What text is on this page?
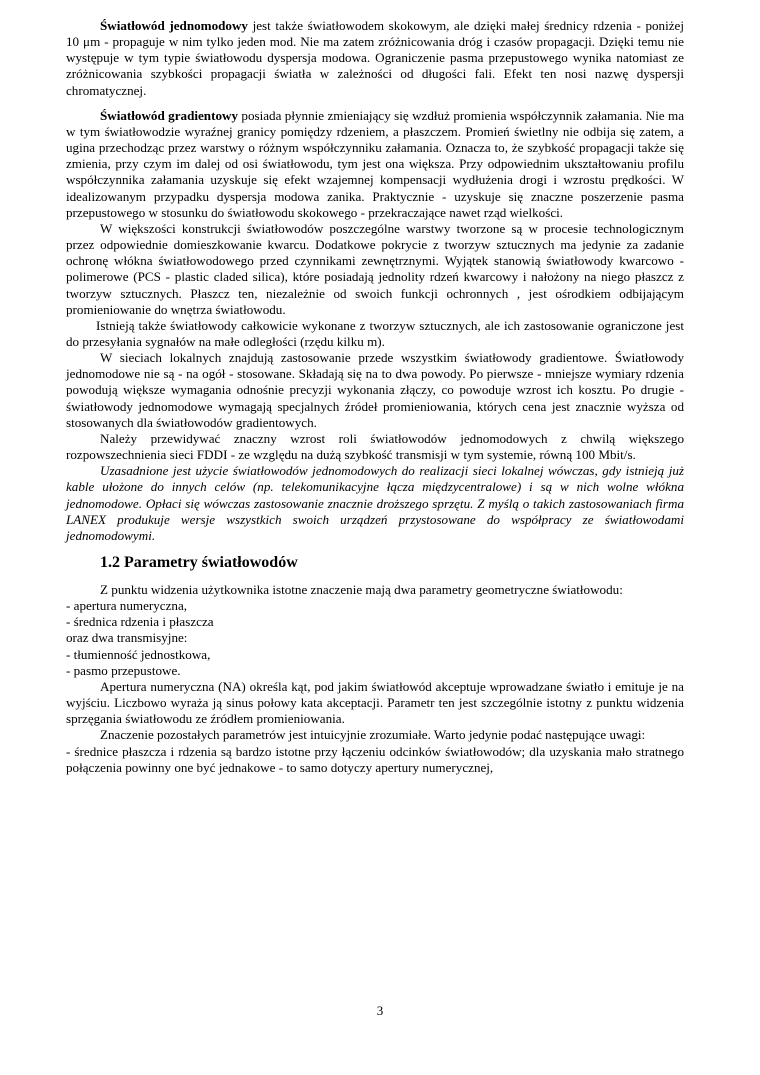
Światłowód jednomodowy jest także światłowodem skokowym, ale dzięki małej średnicy rdzenia - poniżej 10 μm - propaguje w nim tylko jeden mod. Nie ma zatem zróżnicowania dróg i czasów propagacji. Dzięki temu nie występuje w tym typie światłowodu dyspersja modowa. Ograniczenie pasma przepustowego wynika natomiast ze zróżnicowania szybkości propagacji światła w zależności od długości fali. Efekt ten nosi nazwę dyspersji chromatycznej.

Światłowód gradientowy posiada płynnie zmieniający się wzdłuż promienia współczynnik załamania. Nie ma w tym światłowodzie wyraźnej granicy pomiędzy rdzeniem, a płaszczem. Promień świetlny nie odbija się zatem, a ugina przechodząc przez warstwy o różnym współczynniku załamania. Oznacza to, że szybkość propagacji także się zmienia, przy czym im dalej od osi światłowodu, tym jest ona większa. Przy odpowiednim ukształtowaniu profilu współczynnika załamania uzyskuje się efekt wzajemnej kompensacji wydłużenia drogi i wzrostu prędkości. W idealizowanym przypadku dyspersja modowa zanika. Praktycznie - uzyskuje się znaczne poszerzenie pasma przepustowego w stosunku do światłowodu skokowego - przekraczające nawet rząd wielkości.

W większości konstrukcji światłowodów poszczególne warstwy tworzone są w procesie technologicznym przez odpowiednie domieszkowanie kwarcu. Dodatkowe pokrycie z tworzyw sztucznych ma jedynie za zadanie ochronę włókna światłowodowego przed czynnikami zewnętrznymi. Wyjątek stanowią światłowody kwarcowo - polimerowe (PCS - plastic claded silica), które posiadają jednolity rdzeń kwarcowy i nałożony na niego płaszcz z tworzyw sztucznych. Płaszcz ten, niezależnie od swoich funkcji ochronnych , jest ośrodkiem odbijającym promieniowanie do wnętrza światłowodu.

Istnieją także światłowody całkowicie wykonane z tworzyw sztucznych, ale ich zastosowanie ograniczone jest do przesyłania sygnałów na małe odległości (rzędu kilku m).

W sieciach lokalnych znajdują zastosowanie przede wszystkim światłowody gradientowe. Światłowody jednomodowe nie są - na ogół - stosowane. Składają się na to dwa powody. Po pierwsze - mniejsze wymiary rdzenia powodują większe wymagania odnośnie precyzji wykonania złączy, co powoduje wzrost ich kosztu. Po drugie - światłowody jednomodowe wymagają specjalnych źródeł promieniowania, których cena jest znacznie wyższa od stosowanych dla światłowodów gradientowych.

Należy przewidywać znaczny wzrost roli światłowodów jednomodowych z chwilą większego rozpowszechnienia sieci FDDI - ze względu na dużą szybkość transmisji w tym systemie, równą 100 Mbit/s.

Uzasadnione jest użycie światłowodów jednomodowych do realizacji sieci lokalnej wówczas, gdy istnieją już kable ułożone do innych celów (np. telekomunikacyjne łącza międzycentralowe) i są w nich wolne włókna jednomodowe. Opłaci się wówczas zastosowanie znacznie droższego sprzętu. Z myślą o takich zastosowaniach firma LANEX produkuje wersje wszystkich swoich urządzeń przystosowane do współpracy ze światłowodami jednomodowymi.

1.2 Parametry światłowodów

Z punktu widzenia użytkownika istotne znaczenie mają dwa parametry geometryczne światłowodu:

- apertura numeryczna,

- średnica rdzenia i płaszcza

oraz dwa transmisyjne:

- tłumienność jednostkowa,

- pasmo przepustowe.

Apertura numeryczna (NA) określa kąt, pod jakim światłowód akceptuje wprowadzane światło i emituje je na wyjściu. Liczbowo wyraża ją sinus połowy kata akceptacji. Parametr ten jest szczególnie istotny z punktu widzenia sprzęgania światłowodu ze źródłem promieniowania.

Znaczenie pozostałych parametrów jest intuicyjnie zrozumiałe. Warto jedynie podać następujące uwagi:

- średnice płaszcza i rdzenia są bardzo istotne przy łączeniu odcinków światłowodów; dla uzyskania mało stratnego połączenia powinny one być jednakowe - to samo dotyczy apertury numerycznej,

3
